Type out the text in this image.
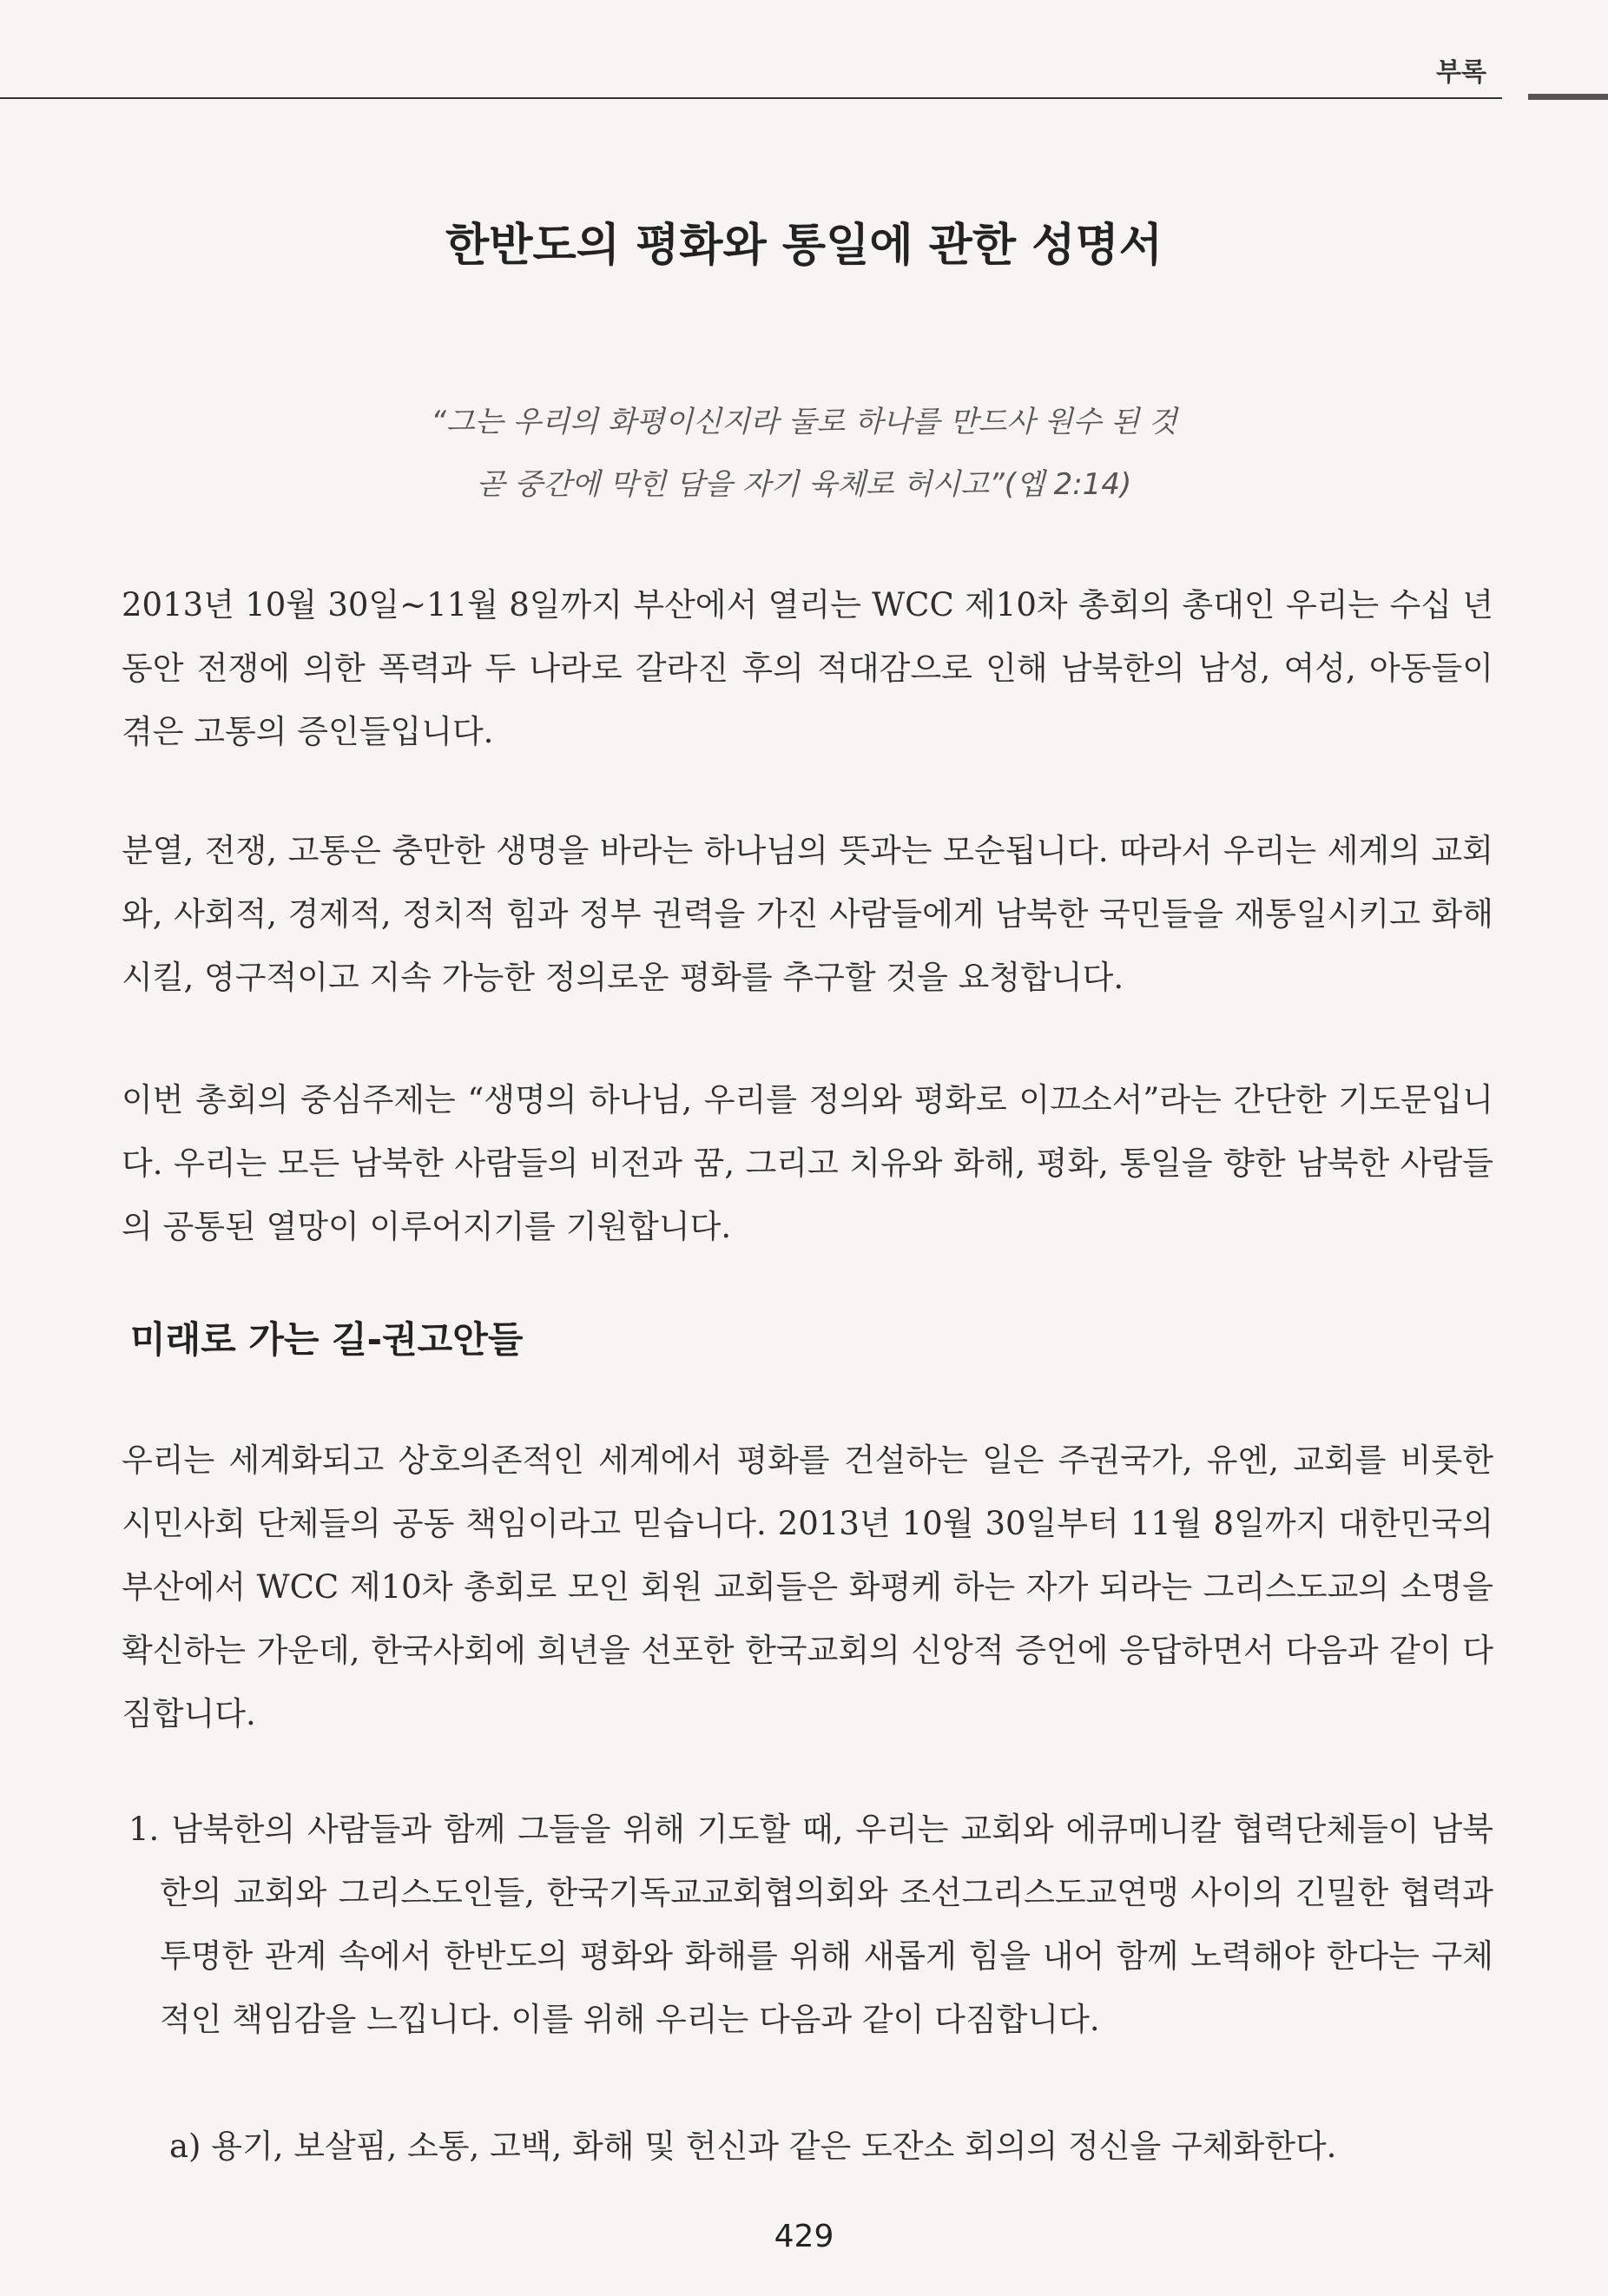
부록
한반도의 평화와 통일에 관한 성명서
“그는 우리의 화평이신지라 둘로 하나를 만드사 원수 된 것
곧 중간에 막힌 담을 자기 육체로 허시고”(엡 2:14)

2013년 10월 30일~11월 8일까지 부산에서 열리는 WCC 제10차 총회의 총대인 우리는 수십 년 동안 전쟁에 의한 폭력과 두 나라로 갈라진 후의 적대감으로 인해 남북한의 남성, 여성, 아동들이 겪은 고통의 증인들입니다.

분열, 전쟁, 고통은 충만한 생명을 바라는 하나님의 뜻과는 모순됩니다. 따라서 우리는 세계의 교회와, 사회적, 경제적, 정치적 힘과 정부 권력을 가진 사람들에게 남북한 국민들을 재통일시키고 화해시킬, 영구적이고 지속 가능한 정의로운 평화를 추구할 것을 요청합니다.

이번 총회의 중심주제는 “생명의 하나님, 우리를 정의와 평화로 이끄소서”라는 간단한 기도문입니다. 우리는 모든 남북한 사람들의 비전과 꿈, 그리고 치유와 화해, 평화, 통일을 향한 남북한 사람들의 공통된 열망이 이루어지기를 기원합니다.

미래로 가는 길-권고안들

우리는 세계화되고 상호의존적인 세계에서 평화를 건설하는 일은 주권국가, 유엔, 교회를 비롯한 시민사회 단체들의 공동 책임이라고 믿습니다. 2013년 10월 30일부터 11월 8일까지 대한민국의 부산에서 WCC 제10차 총회로 모인 회원 교회들은 화평케 하는 자가 되라는 그리스도교의 소명을 확신하는 가운데, 한국사회에 희년을 선포한 한국교회의 신앙적 증언에 응답하면서 다음과 같이 다짐합니다.

1. 남북한의 사람들과 함께 그들을 위해 기도할 때, 우리는 교회와 에큐메니칼 협력단체들이 남북한의 교회와 그리스도인들, 한국기독교교회협의회와 조선그리스도교연맹 사이의 긴밀한 협력과 투명한 관계 속에서 한반도의 평화와 화해를 위해 새롭게 힘을 내어 함께 노력해야 한다는 구체적인 책임감을 느낍니다. 이를 위해 우리는 다음과 같이 다짐합니다.

a) 용기, 보살핌, 소통, 고백, 화해 및 헌신과 같은 도잔소 회의의 정신을 구체화한다.
429
